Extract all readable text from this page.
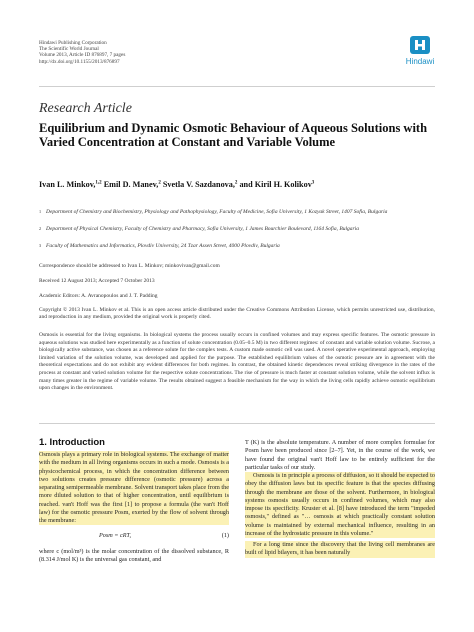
Hindawi Publishing Corporation
The Scientific World Journal
Volume 2013, Article ID 876897, 7 pages
http://dx.doi.org/10.1155/2013/876897	Hindawi
Research Article
Equilibrium and Dynamic Osmotic Behaviour of Aqueous Solutions with Varied Concentration at Constant and Variable Volume
Ivan L. Minkov,$^{1,2}$ Emil D. Manev,$^2$ Svetla V. Sazdanova,$^2$ and Kiril H. Kolikov$^3$
1 Department of Chemistry and Biochemistry, Physiology and Pathophysiology, Faculty of Medicine, Sofia University, 1 Kozyak Street, 1407 Sofia, Bulgaria
2 Department of Physical Chemistry, Faculty of Chemistry and Pharmacy, Sofia University, 1 James Bourchier Boulevard, 1164 Sofia, Bulgaria
3 Faculty of Mathematics and Informatics, Plovdiv University, 24 Tzar Assen Street, 4000 Plovdiv, Bulgaria
Correspondence should be addressed to Ivan L. Minkov; minkovivan@gmail.com
Received 12 August 2013; Accepted 7 October 2013
Academic Editors: A. Avranopoulos and J. T. Padding
Copyright © 2013 Ivan L. Minkov et al. This is an open access article distributed under the Creative Commons Attribution License, which permits unrestricted use, distribution, and reproduction in any medium, provided the original work is properly cited.
Osmosis is essential for the living organisms. In biological systems the process usually occurs in confined volumes and may express specific features. The osmotic pressure in aqueous solutions was studied here experimentally as a function of solute concentration (0.05–0.5 M) in two different regimes: of constant and variable solution volume. Sucrose, a biologically active substance, was chosen as a reference solute for the complex tests. A custom made osmotic cell was used. A novel operative experimental approach, employing limited variation of the solution volume, was developed and applied for the purpose. The established equilibrium values of the osmotic pressure are in agreement with the theoretical expectations and do not exhibit any evident differences for both regimes. In contrast, the obtained kinetic dependences reveal striking divergence in the rates of the process at constant and varied solution volume for the respective solute concentrations. The rise of pressure is much faster at constant solution volume, while the solvent influx is many times greater in the regime of variable volume. The results obtained suggest a feasible mechanism for the way in which the living cells rapidly achieve osmotic equilibrium upon changes in the environment.
1. Introduction

Osmosis plays a primary role in biological systems. The exchange of matter with the medium in all living organisms occurs in such a mode. Osmosis is a physicochemical process, in which the concentration difference between two solutions creates pressure difference (osmotic pressure) across a separating semipermeable membrane. Solvent transport takes place from the more diluted solution to that of higher concentration, until equilibrium is reached. van't Hoff was the first [1] to propose a formula (the van't Hoff law) for the osmotic pressure Posm, exerted by the flow of solvent through the membrane:

Posm = cRT,	(1)

where c (mol/m³) is the molar concentration of the dissolved substance, R (8.314 J/mol K) is the universal gas constant, and

T (K) is the absolute temperature. A number of more complex formulae for Posm have been produced since [2–7]. Yet, in the course of the work, we have found the original van't Hoff law to be entirely sufficient for the particular tasks of our study.

Osmosis is in principle a process of diffusion, so it should be expected to obey the diffusion laws but its specific feature is that the species diffusing through the membrane are those of the solvent. Furthermore, in biological systems osmosis usually occurs in confined volumes, which may also impose its specificity. Kruster et al. [8] have introduced the term "impeded osmosis," defined as "… osmosis at which practically constant solution volume is maintained by external mechanical influence, resulting in an increase of the hydrostatic pressure in this volume."

For a long time since the discovery that the living cell membranes are built of lipid bilayers, it has been naturally
